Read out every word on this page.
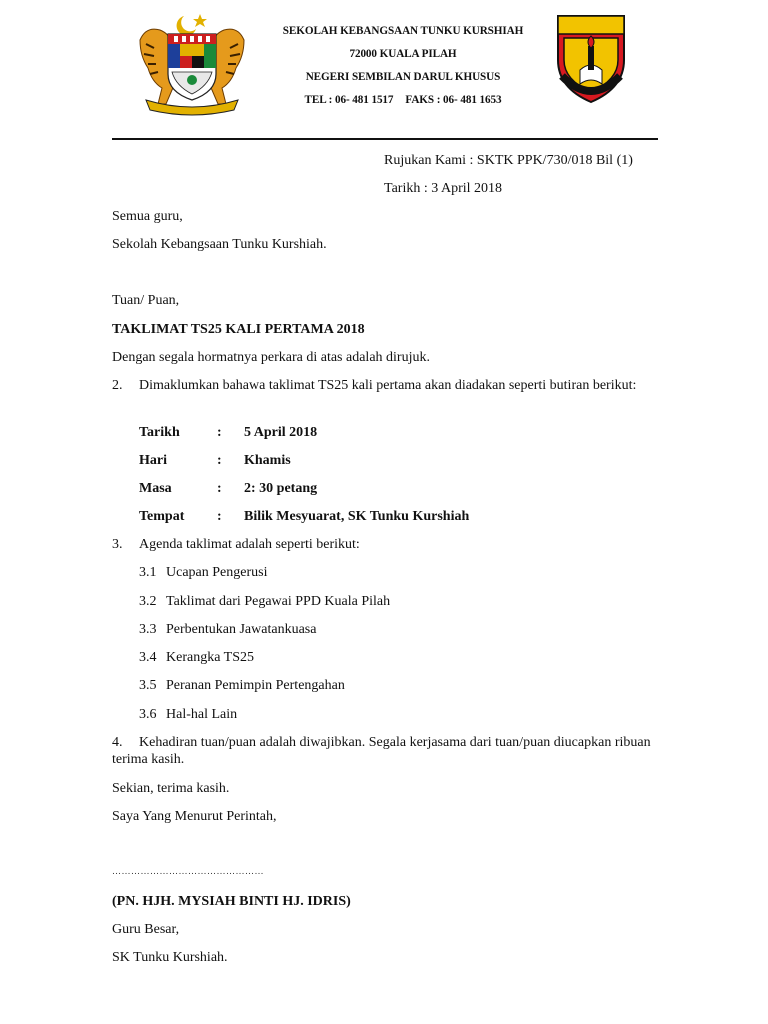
SEKOLAH KEBANGSAAN TUNKU KURSHIAH
72000 KUALA PILAH
NEGERI SEMBILAN DARUL KHUSUS
TEL : 06- 481 1517 FAKS : 06- 481 1653
Rujukan Kami : SKTK PPK/730/018 Bil (1)
Tarikh : 3 April 2018
Semua guru,
Sekolah Kebangsaan Tunku Kurshiah.
Tuan/ Puan,
TAKLIMAT TS25 KALI PERTAMA 2018
Dengan segala hormatnya perkara di atas adalah dirujuk.
2. Dimaklumkan bahawa taklimat TS25 kali pertama akan diadakan seperti butiran berikut:
Tarikh	: 5 April 2018
Hari	: Khamis
Masa	: 2: 30 petang
Tempat : Bilik Mesyuarat, SK Tunku Kurshiah
3. Agenda taklimat adalah seperti berikut:
3.1 Ucapan Pengerusi
3.2 Taklimat dari Pegawai PPD Kuala Pilah
3.3 Perbentukan Jawatankuasa
3.4 Kerangka TS25
3.5 Peranan Pemimpin Pertengahan
3.6 Hal-hal Lain
4. Kehadiran tuan/puan adalah diwajibkan. Segala kerjasama dari tuan/puan diucapkan ribuan terima kasih.
Sekian, terima kasih.
Saya Yang Menurut Perintah,
…………………………………………
(PN. HJH. MYSIAH BINTI HJ. IDRIS)
Guru Besar,
SK Tunku Kurshiah.
